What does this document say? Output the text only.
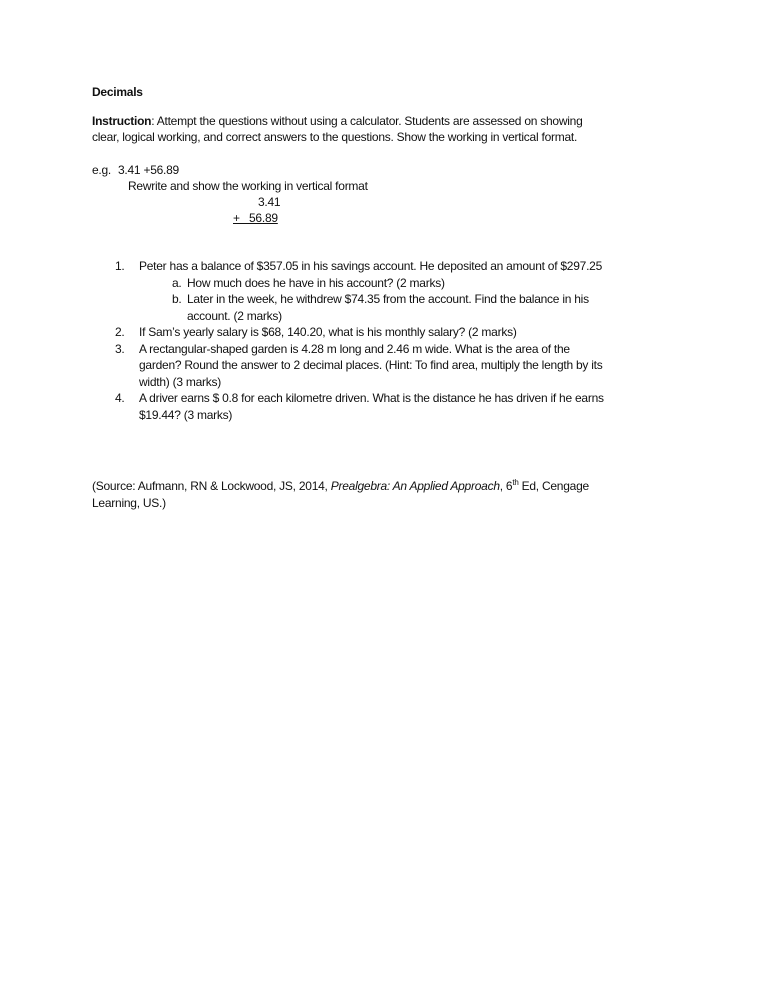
Decimals
Instruction: Attempt the questions without using a calculator. Students are assessed on showing
clear, logical working, and correct answers to the questions. Show the working in vertical format.
e.g. 3.41 +56.89
Rewrite and show the working in vertical format
3.41
+   56.89
1. Peter has a balance of $357.05 in his savings account. He deposited an amount of $297.25
a. How much does he have in his account? (2 marks)
b. Later in the week, he withdrew $74.35 from the account. Find the balance in his
account. (2 marks)
2. If Sam’s yearly salary is $68, 140.20, what is his monthly salary? (2 marks)
3. A rectangular-shaped garden is 4.28 m long and 2.46 m wide. What is the area of the
garden? Round the answer to 2 decimal places. (Hint: To find area, multiply the length by its
width) (3 marks)
4. A driver earns $ 0.8 for each kilometre driven. What is the distance he has driven if he earns
$19.44? (3 marks)
(Source: Aufmann, RN & Lockwood, JS, 2014, Prealgebra: An Applied Approach, 6th Ed, Cengage
Learning, US.)
